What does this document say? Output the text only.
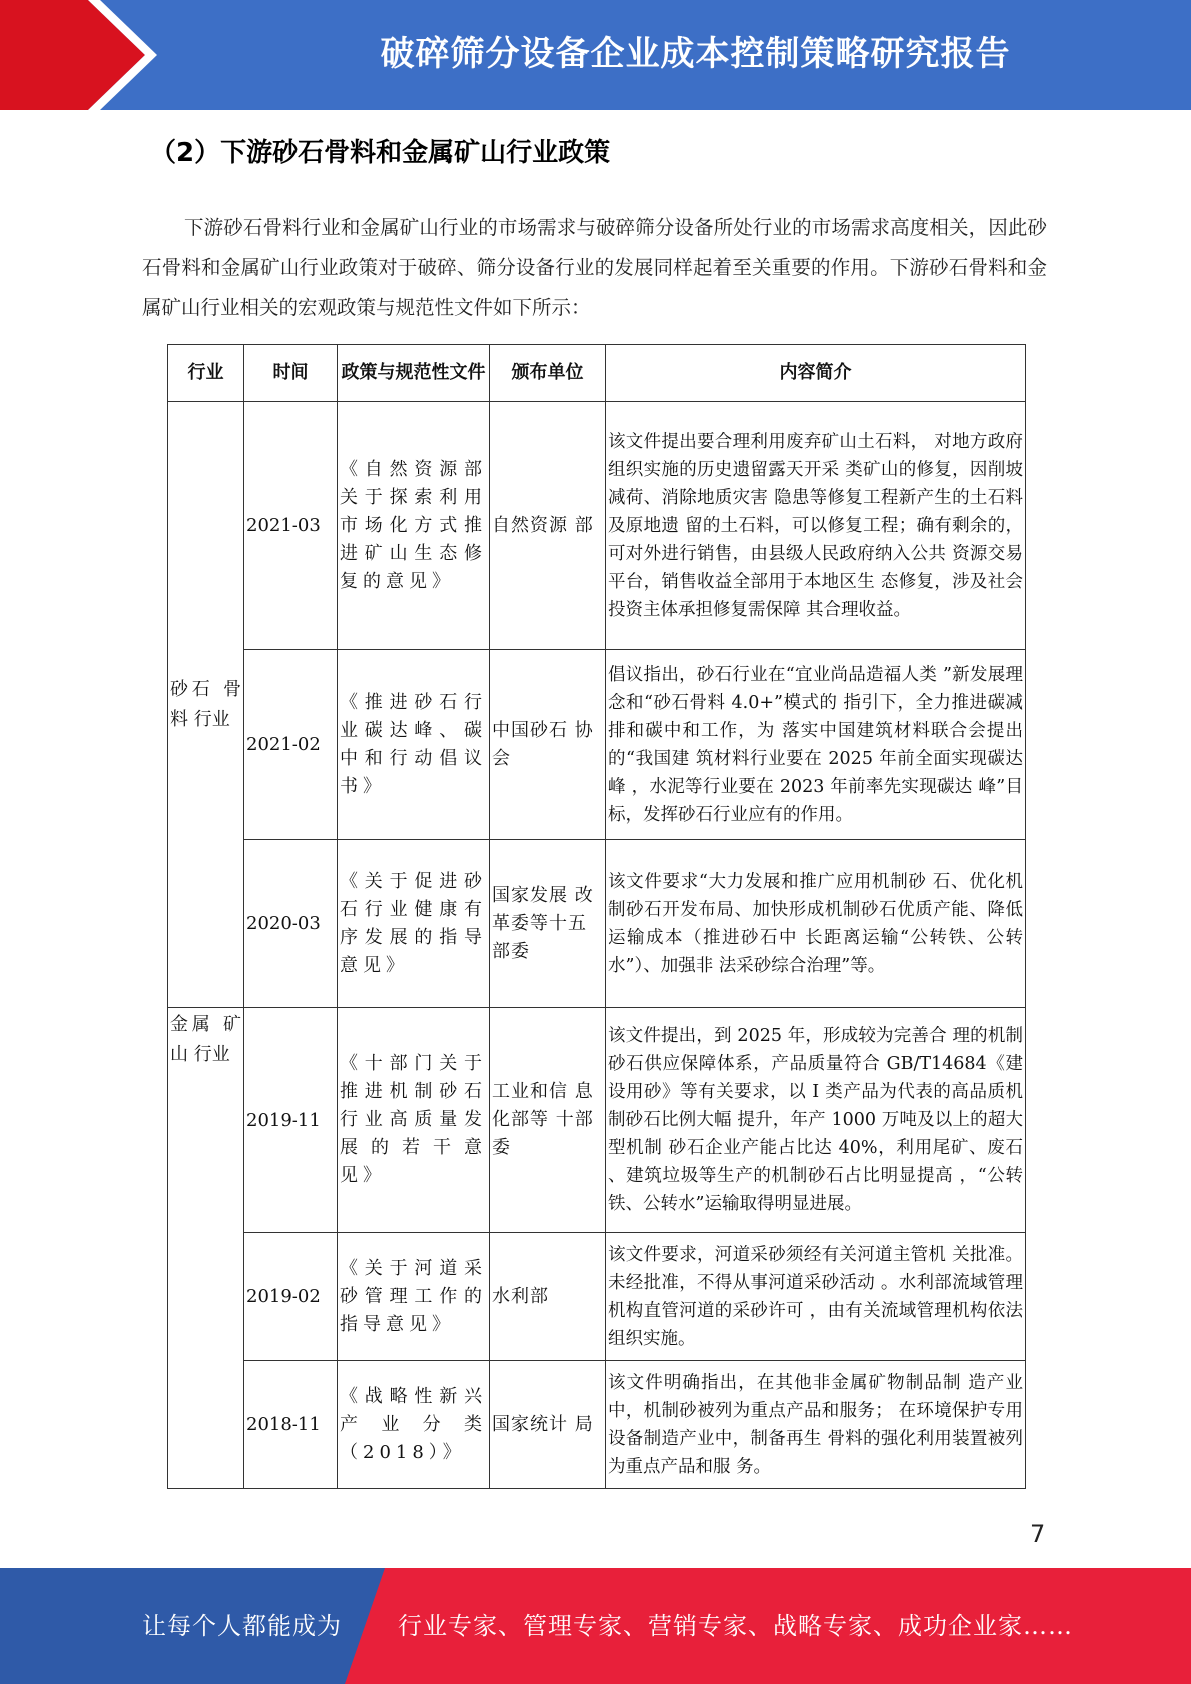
破碎筛分设备企业成本控制策略研究报告
（2）下游砂石骨料和金属矿山行业政策
下游砂石骨料行业和金属矿山行业的市场需求与破碎筛分设备所处行业的市场需求高度相关，因此砂石骨料和金属矿山行业政策对于破碎、筛分设备行业的发展同样起着至关重要的作用。下游砂石骨料和金属矿山行业相关的宏观政策与规范性文件如下所示：
行业	时间	政策与规范性文件	颁布单位	内容简介
砂石 骨料 行业	2021-03	《自然资源部关于探索利用市场化方式推进矿山生态修复的意见》	自然资源 部	该文件提出要合理利用废弃矿山土石料， 对地方政府组织实施的历史遗留露天开采 类矿山的修复，因削坡减荷、消除地质灾害 隐患等修复工程新产生的土石料及原地遗 留的土石料，可以修复工程；确有剩余的， 可对外进行销售，由县级人民政府纳入公共 资源交易平台，销售收益全部用于本地区生 态修复，涉及社会投资主体承担修复需保障 其合理收益。
	2021-02	《推进砂石行业碳达峰、碳中和行动倡议书》	中国砂石 协会	倡议指出，砂石行业在“宜业尚品造福人类 ”新发展理念和“砂石骨料 4.0+”模式的 指引下，全力推进碳减排和碳中和工作，为 落实中国建筑材料联合会提出的“我国建 筑材料行业要在 2025 年前全面实现碳达峰 ，水泥等行业要在 2023 年前率先实现碳达 峰”目标，发挥砂石行业应有的作用。
	2020-03	《关于促进砂石行业健康有序发展的指导 意见》	国家发展 改革委等十五部委	该文件要求“大力发展和推广应用机制砂 石、优化机制砂石开发布局、加快形成机制砂石优质产能、降低运输成本（推进砂石中 长距离运输“公转铁、公转水”）、加强非 法采砂综合治理”等。
金属 矿山 行业	2019-11	《十部门关于推进机制砂石行业高质量发展的若干意见》	工业和信 息化部等 十部委	该文件提出，到 2025 年，形成较为完善合 理的机制砂石供应保障体系，产品质量符合 GB/T14684《建设用砂》等有关要求，以 I 类产品为代表的高品质机制砂石比例大幅 提升，年产 1000 万吨及以上的超大型机制 砂石企业产能占比达 40%，利用尾矿、废石 、建筑垃圾等生产的机制砂石占比明显提高 ，“公转铁、公转水”运输取得明显进展。
	2019-02	《关于河道采砂管理工作的指导意见》	水利部	该文件要求，河道采砂须经有关河道主管机 关批准。未经批准，不得从事河道采砂活动 。水利部流域管理机构直管河道的采砂许可 ，由有关流域管理机构依法组织实施。
	2018-11	《战略性新兴产业分类（2018）》	国家统计 局	该文件明确指出，在其他非金属矿物制品制 造产业中，机制砂被列为重点产品和服务； 在环境保护专用设备制造产业中，制备再生 骨料的强化利用装置被列为重点产品和服 务。
7
让每个人都能成为 行业专家、管理专家、营销专家、战略专家、成功企业家……
